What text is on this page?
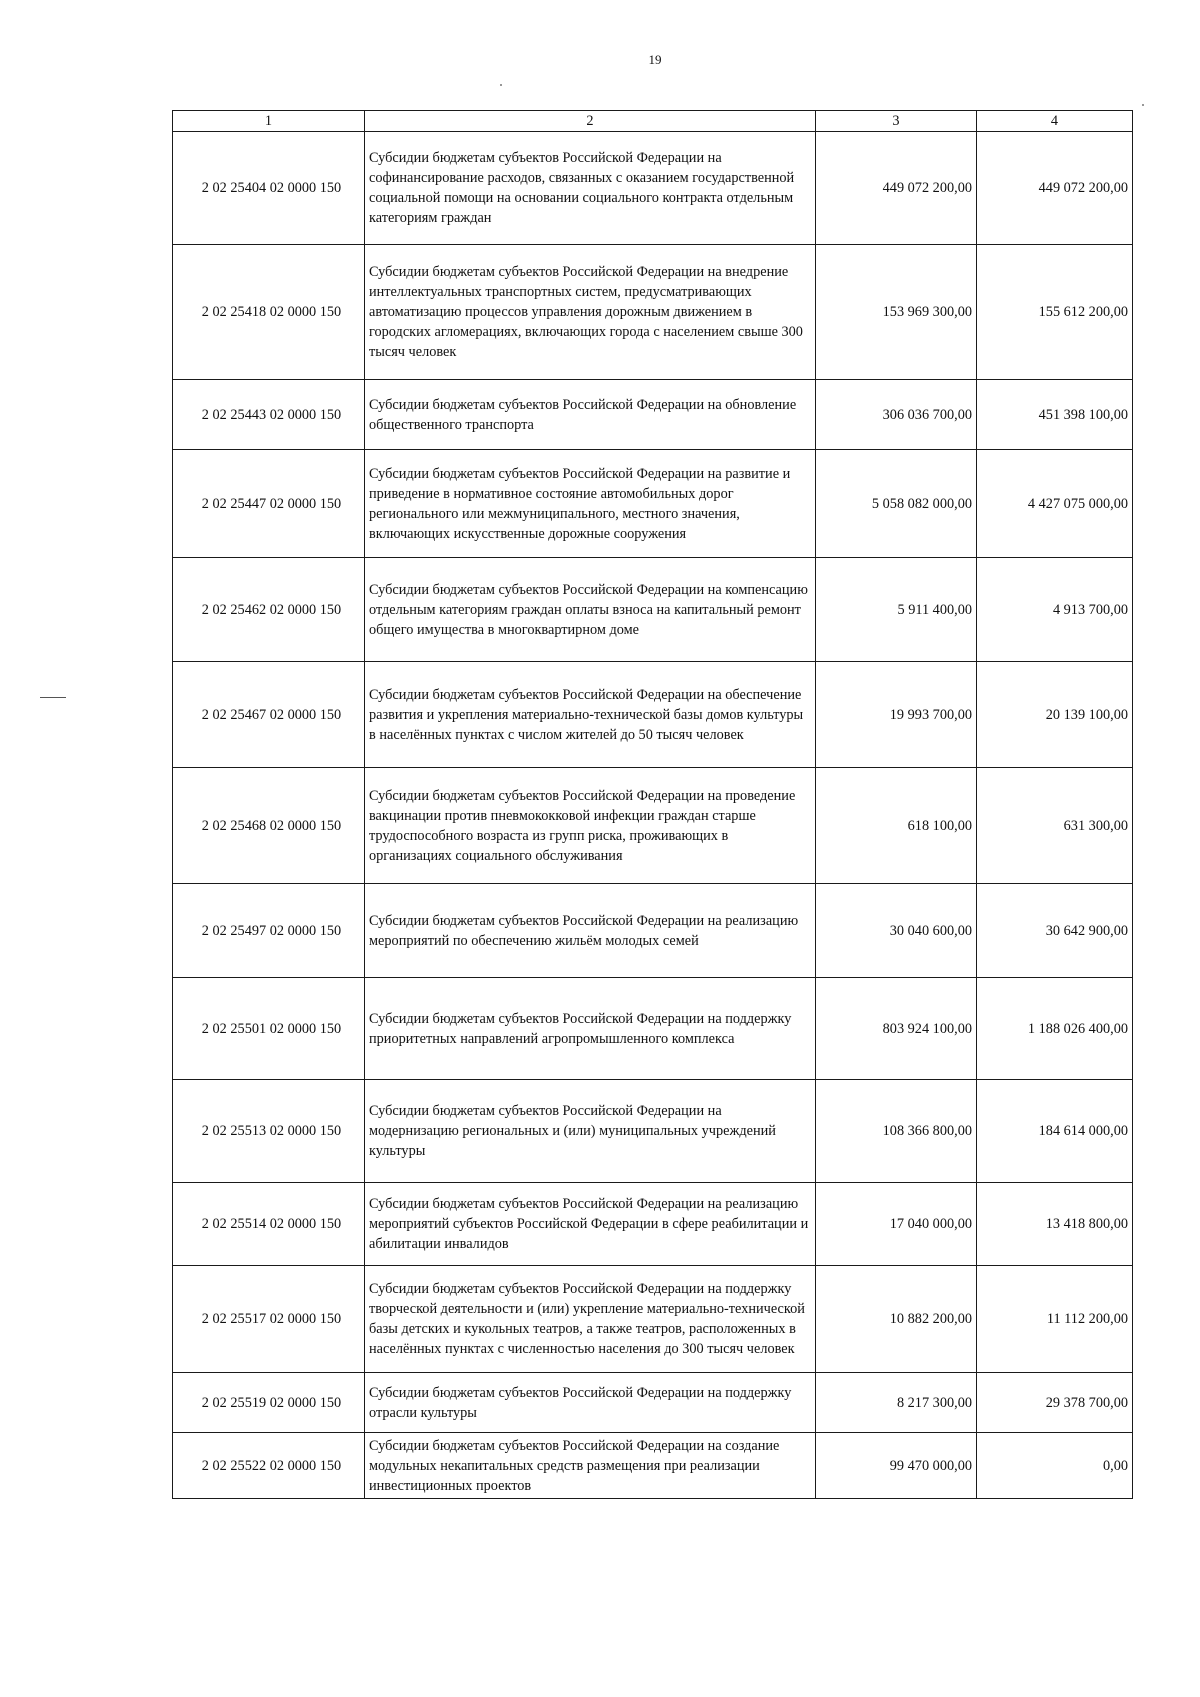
19
1	2	3	4
2 02 25404 02 0000 150	Субсидии бюджетам субъектов Российской Федерации на софинансирование расходов, связанных с оказанием государственной социальной помощи на основании социального контракта отдельным категориям граждан	449 072 200,00	449 072 200,00
2 02 25418 02 0000 150	Субсидии бюджетам субъектов Российской Федерации на внедрение интеллектуальных транспортных систем, предусматривающих автоматизацию процессов управления дорожным движением в городских агломерациях, включающих города с населением свыше 300 тысяч человек	153 969 300,00	155 612 200,00
2 02 25443 02 0000 150	Субсидии бюджетам субъектов Российской Федерации на обновление общественного транспорта	306 036 700,00	451 398 100,00
2 02 25447 02 0000 150	Субсидии бюджетам субъектов Российской Федерации на развитие и приведение в нормативное состояние автомобильных дорог регионального или межмуниципального, местного значения, включающих искусственные дорожные сооружения	5 058 082 000,00	4 427 075 000,00
2 02 25462 02 0000 150	Субсидии бюджетам субъектов Российской Федерации на компенсацию отдельным категориям граждан оплаты взноса на капитальный ремонт общего имущества в многоквартирном доме	5 911 400,00	4 913 700,00
2 02 25467 02 0000 150	Субсидии бюджетам субъектов Российской Федерации на обеспечение развития и укрепления материально-технической базы домов культуры в населённых пунктах с числом жителей до 50 тысяч человек	19 993 700,00	20 139 100,00
2 02 25468 02 0000 150	Субсидии бюджетам субъектов Российской Федерации на проведение вакцинации против пневмококковой инфекции граждан старше трудоспособного возраста из групп риска, проживающих в организациях социального обслуживания	618 100,00	631 300,00
2 02 25497 02 0000 150	Субсидии бюджетам субъектов Российской Федерации на реализацию мероприятий по обеспечению жильём молодых семей	30 040 600,00	30 642 900,00
2 02 25501 02 0000 150	Субсидии бюджетам субъектов Российской Федерации на поддержку приоритетных направлений агропромышленного комплекса	803 924 100,00	1 188 026 400,00
2 02 25513 02 0000 150	Субсидии бюджетам субъектов Российской Федерации на модернизацию региональных и (или) муниципальных учреждений культуры	108 366 800,00	184 614 000,00
2 02 25514 02 0000 150	Субсидии бюджетам субъектов Российской Федерации на реализацию мероприятий субъектов Российской Федерации в сфере реабилитации и абилитации инвалидов	17 040 000,00	13 418 800,00
2 02 25517 02 0000 150	Субсидии бюджетам субъектов Российской Федерации на поддержку творческой деятельности и (или) укрепление материально-технической базы детских и кукольных театров, а также театров, расположенных в населённых пунктах с численностью населения до 300 тысяч человек	10 882 200,00	11 112 200,00
2 02 25519 02 0000 150	Субсидии бюджетам субъектов Российской Федерации на поддержку отрасли культуры	8 217 300,00	29 378 700,00
2 02 25522 02 0000 150	Субсидии бюджетам субъектов Российской Федерации на создание модульных некапитальных средств размещения при реализации инвестиционных проектов	99 470 000,00	0,00
